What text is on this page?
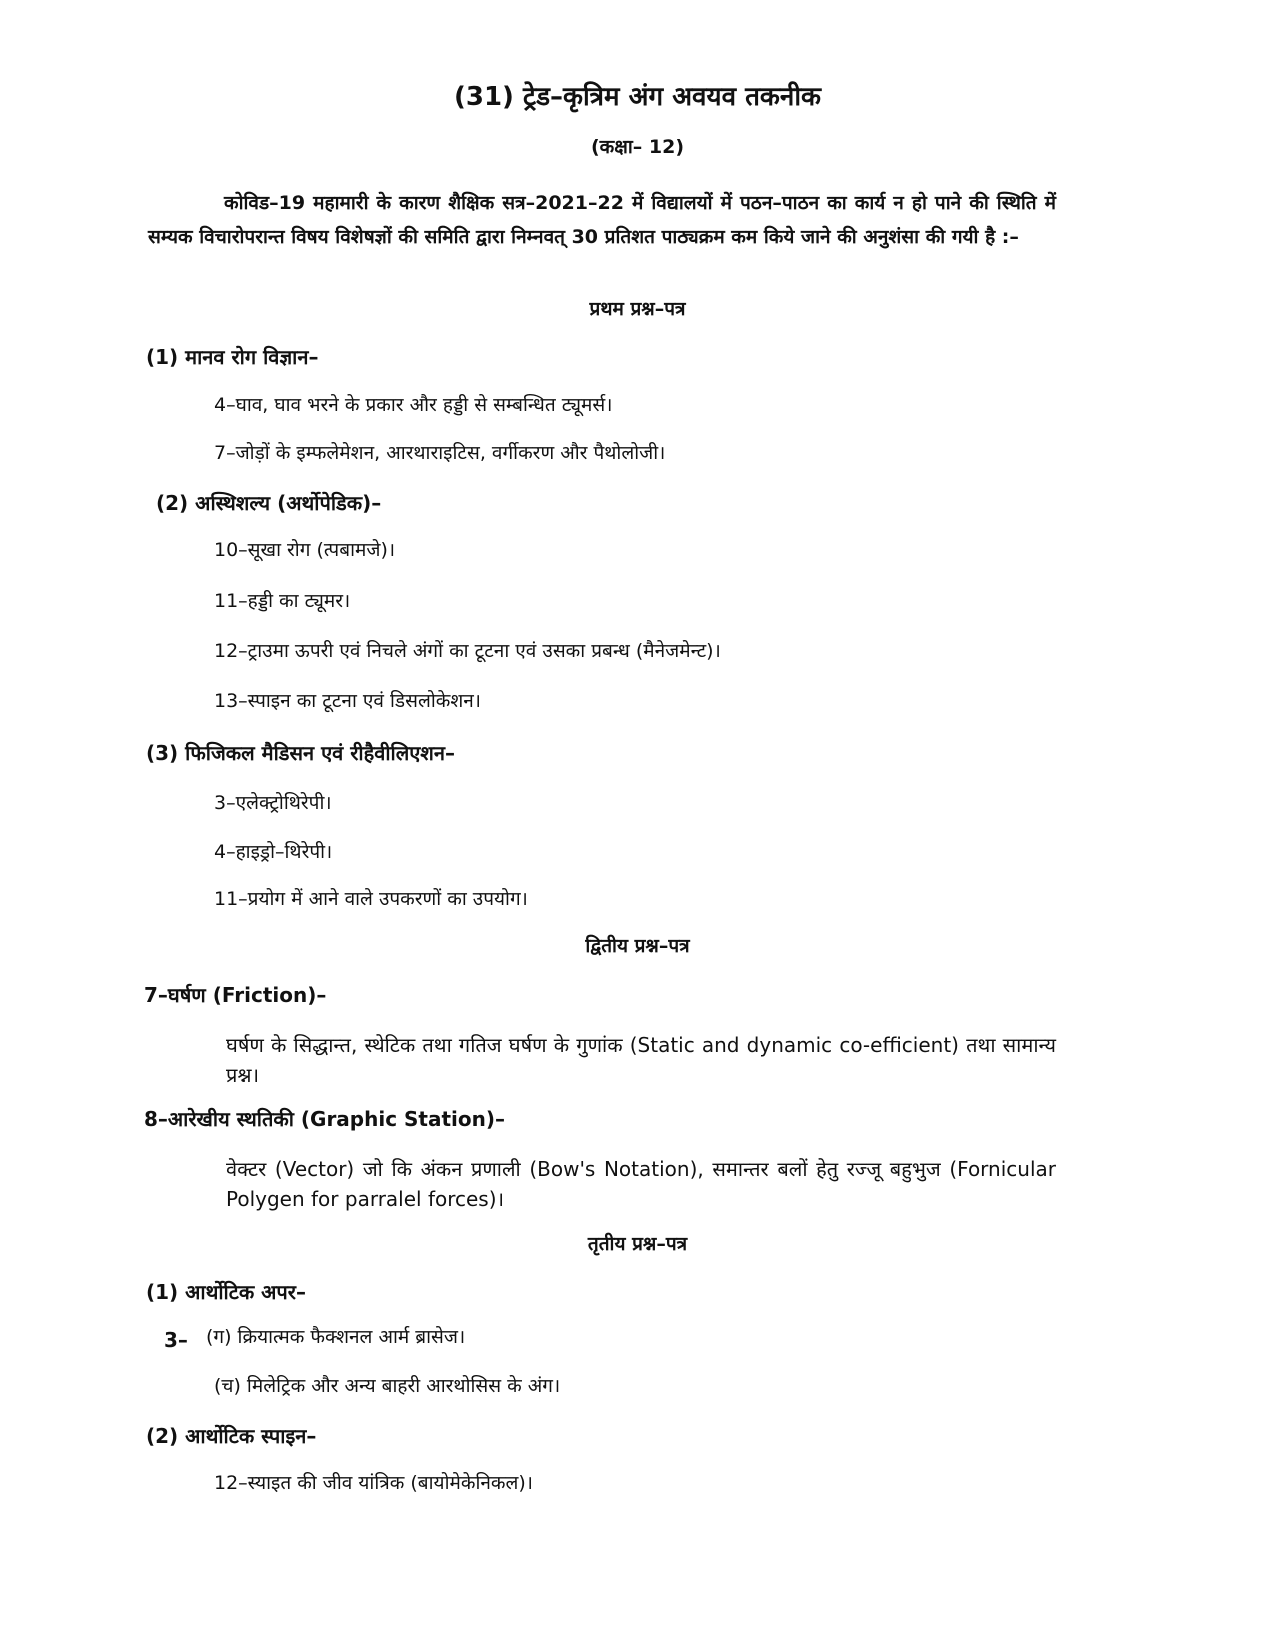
(31) ट्रेड–कृत्रिम अंग अवयव तकनीक
(कक्षा– 12)
कोविड–19 महामारी के कारण शैक्षिक सत्र–2021–22 में विद्यालयों में पठन–पाठन का कार्य न हो पाने की स्थिति में सम्यक विचारोपरान्त विषय विशेषज्ञों की समिति द्वारा निम्नवत् 30 प्रतिशत पाठ्यक्रम कम किये जाने की अनुशंसा की गयी है :–
प्रथम प्रश्न–पत्र
(1) मानव रोग विज्ञान–
4–घाव, घाव भरने के प्रकार और हड्डी से सम्बन्धित ट्यूमर्स।
7–जोड़ों के इम्फलेमेशन, आरथाराइटिस, वर्गीकरण और पैथोलोजी।
(2) अस्थिशल्य (अर्थोपेडिक)–
10–सूखा रोग (त्पबामजे)।
11–हड्डी का ट्यूमर।
12–ट्राउमा ऊपरी एवं निचले अंगों का टूटना एवं उसका प्रबन्ध (मैनेजमेन्ट)।
13–स्पाइन का टूटना एवं डिसलोकेशन।
(3) फिजिकल मैडिसन एवं रीहैवीलिएशन–
3–एलेक्ट्रोथिरेपी।
4–हाइड्रो–थिरेपी।
11–प्रयोग में आने वाले उपकरणों का उपयोग।
द्वितीय प्रश्न–पत्र
7–घर्षण (Friction)–
घर्षण के सिद्धान्त, स्थेटिक तथा गतिज घर्षण के गुणांक (Static and dynamic co-efficient) तथा सामान्य प्रश्न।
8–आरेखीय स्थतिकी (Graphic Station)–
वेक्टर (Vector) जो कि अंकन प्रणाली (Bow's Notation), समान्तर बलों हेतु रज्जू बहुभुज (Fornicular Polygen for parralel forces)।
तृतीय प्रश्न–पत्र
(1) आर्थोटिक अपर–
3– (ग) क्रियात्मक फैक्शनल आर्म ब्रासेज।
(च) मिलेट्रिक और अन्य बाहरी आरथोसिस के अंग।
(2) आर्थोटिक स्पाइन–
12–स्याइत की जीव यांत्रिक (बायोमेकेनिकल)।
